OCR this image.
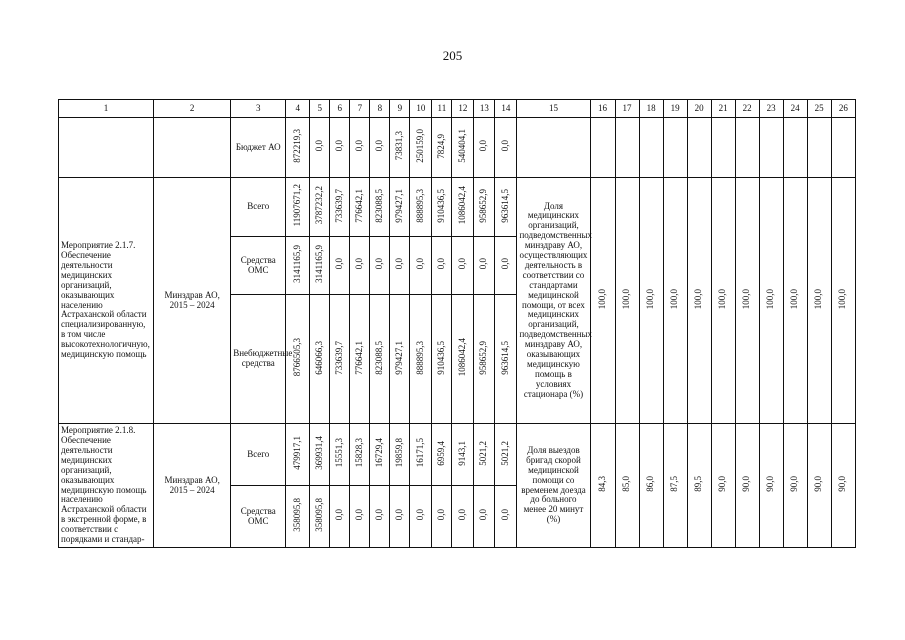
205
1	2	3	4	5	6	7	8	9	10	11	12	13	14	15	16	17	18	19	20	21	22	23	24	25	26
		Бюджет АО	872219,3	0,0	0,0	0,0	0,0	73831,3	250159,0	7824,9	540404,1	0,0	0,0												
Мероприятие 2.1.7. Обеспечение деятельности медицинских организаций, оказывающих населению Астраханской области специализированную, в том числе высокотехнологичную, медицинскую помощь	Минздрав АО, 2015 – 2024	Всего	11907671,2	3787232,2	733639,7	776642,1	823088,5	979427,1	888895,3	910436,5	1086042,4	958652,9	963614,5	Доля медицинских организаций, подведомственных минздраву АО, осуществляющих деятельность в соответствии со стандартами медицинской помощи, от всех медицинских организаций, подведомственных минздраву АО, оказывающих медицинскую помощь в условиях стационара (%)	100,0	100,0	100,0	100,0	100,0	100,0	100,0	100,0	100,0	100,0	100,0
		Средства ОМС	3141165,9	3141165,9	0,0	0,0	0,0	0,0	0,0	0,0	0,0	0,0	0,0												
		Внебюджетные средства	8766505,3	646066,3	733639,7	776642,1	823088,5	979427,1	888895,3	910436,5	1086042,4	958652,9	963614,5												
Мероприятие 2.1.8. Обеспечение деятельности медицинских организаций, оказывающих медицинскую помощь населению Астраханской области в экстренной форме, в соответствии с порядками и стандар-	Минздрав АО, 2015 – 2024	Всего	479917,1	369931,4	15551,3	15828,3	16729,4	19859,8	16171,5	6959,4	9143,1	5021,2	5021,2	Доля выездов бригад скорой медицинской помощи со временем доезда до больного менее 20 минут (%)	84,3	85,0	86,0	87,5	89,5	90,0	90,0	90,0	90,0	90,0	90,0
		Средства ОМС	358095,8	358095,8	0,0	0,0	0,0	0,0	0,0	0,0	0,0	0,0	0,0												
